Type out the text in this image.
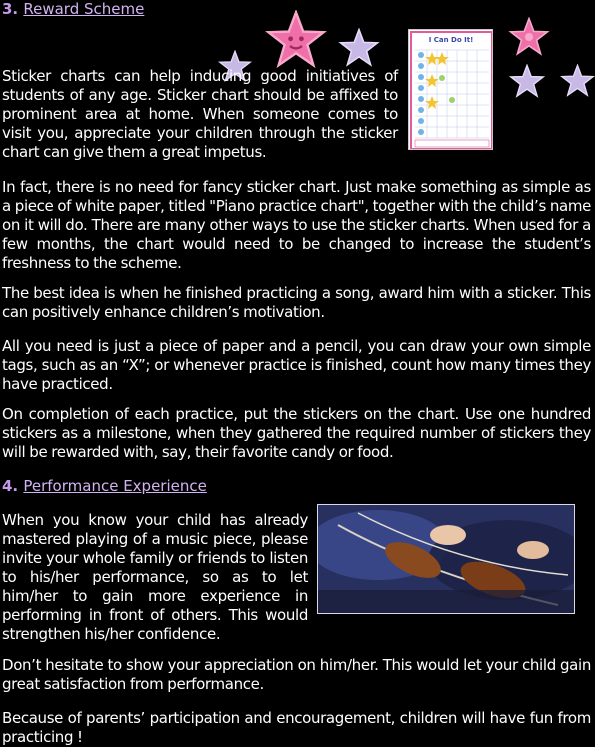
3. Reward Scheme
I Can Do It!
Sticker charts can help inducing good initiatives of students of any age. Sticker chart should be affixed to prominent area at home. When someone comes to visit you, appreciate your children through the sticker chart can give them a great impetus.
In fact, there is no need for fancy sticker chart. Just make something as simple as a piece of white paper, titled "Piano practice chart", together with the child’s name on it will do. There are many other ways to use the sticker charts. When used for a few months, the chart would need to be changed to increase the student’s freshness to the scheme.
The best idea is when he finished practicing a song, award him with a sticker. This can positively enhance children’s motivation.
All you need is just a piece of paper and a pencil, you can draw your own simple tags, such as an “X”; or whenever practice is finished, count how many times they have practiced.
On completion of each practice, put the stickers on the chart. Use one hundred stickers as a milestone, when they gathered the required number of stickers they will be rewarded with, say, their favorite candy or food.
4. Performance Experience
When you know your child has already mastered playing of a music piece, please invite your whole family or friends to listen to his/her performance, so as to let him/her to gain more experience in performing in front of others. This would strengthen his/her confidence.
Don’t hesitate to show your appreciation on him/her. This would let your child gain great satisfaction from performance.
Because of parents’ participation and encouragement, children will have fun from practicing !
